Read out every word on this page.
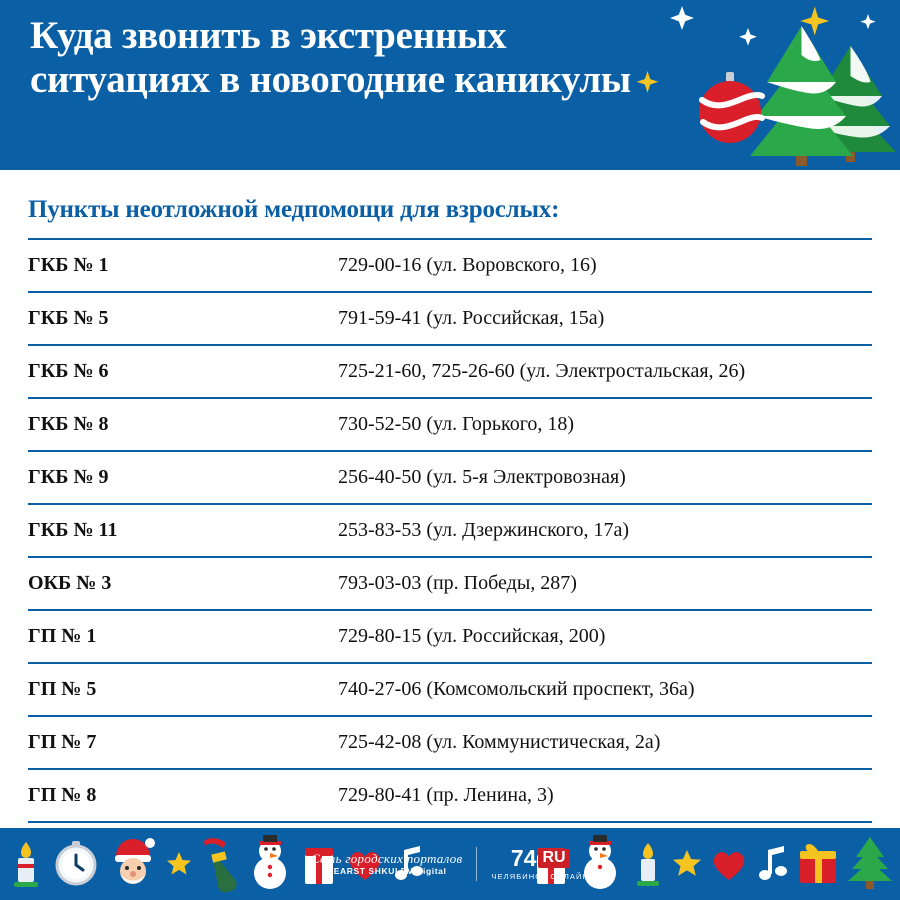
Куда звонить в экстренных ситуациях в новогодние каникулы
Пункты неотложной медпомощи для взрослых:
ГКБ № 1	729-00-16 (ул. Воровского, 16)
ГКБ № 5	791-59-41 (ул. Российская, 15а)
ГКБ № 6	725-21-60, 725-26-60 (ул. Электростальская, 26)
ГКБ № 8	730-52-50 (ул. Горького, 18)
ГКБ № 9	256-40-50 (ул. 5-я Электровозная)
ГКБ № 11	253-83-53 (ул. Дзержинского, 17а)
ОКБ № 3	793-03-03 (пр. Победы, 287)
ГП № 1	729-80-15 (ул. Российская, 200)
ГП № 5	740-27-06 (Комсомольский проспект, 36а)
ГП № 7	725-42-08 (ул. Коммунистическая, 2а)
ГП № 8	729-80-41 (пр. Ленина, 3)
Сеть городских порталов
HEARST SHKULEV Digital
74 RU
ЧЕЛЯБИНСК ОНЛАЙН
